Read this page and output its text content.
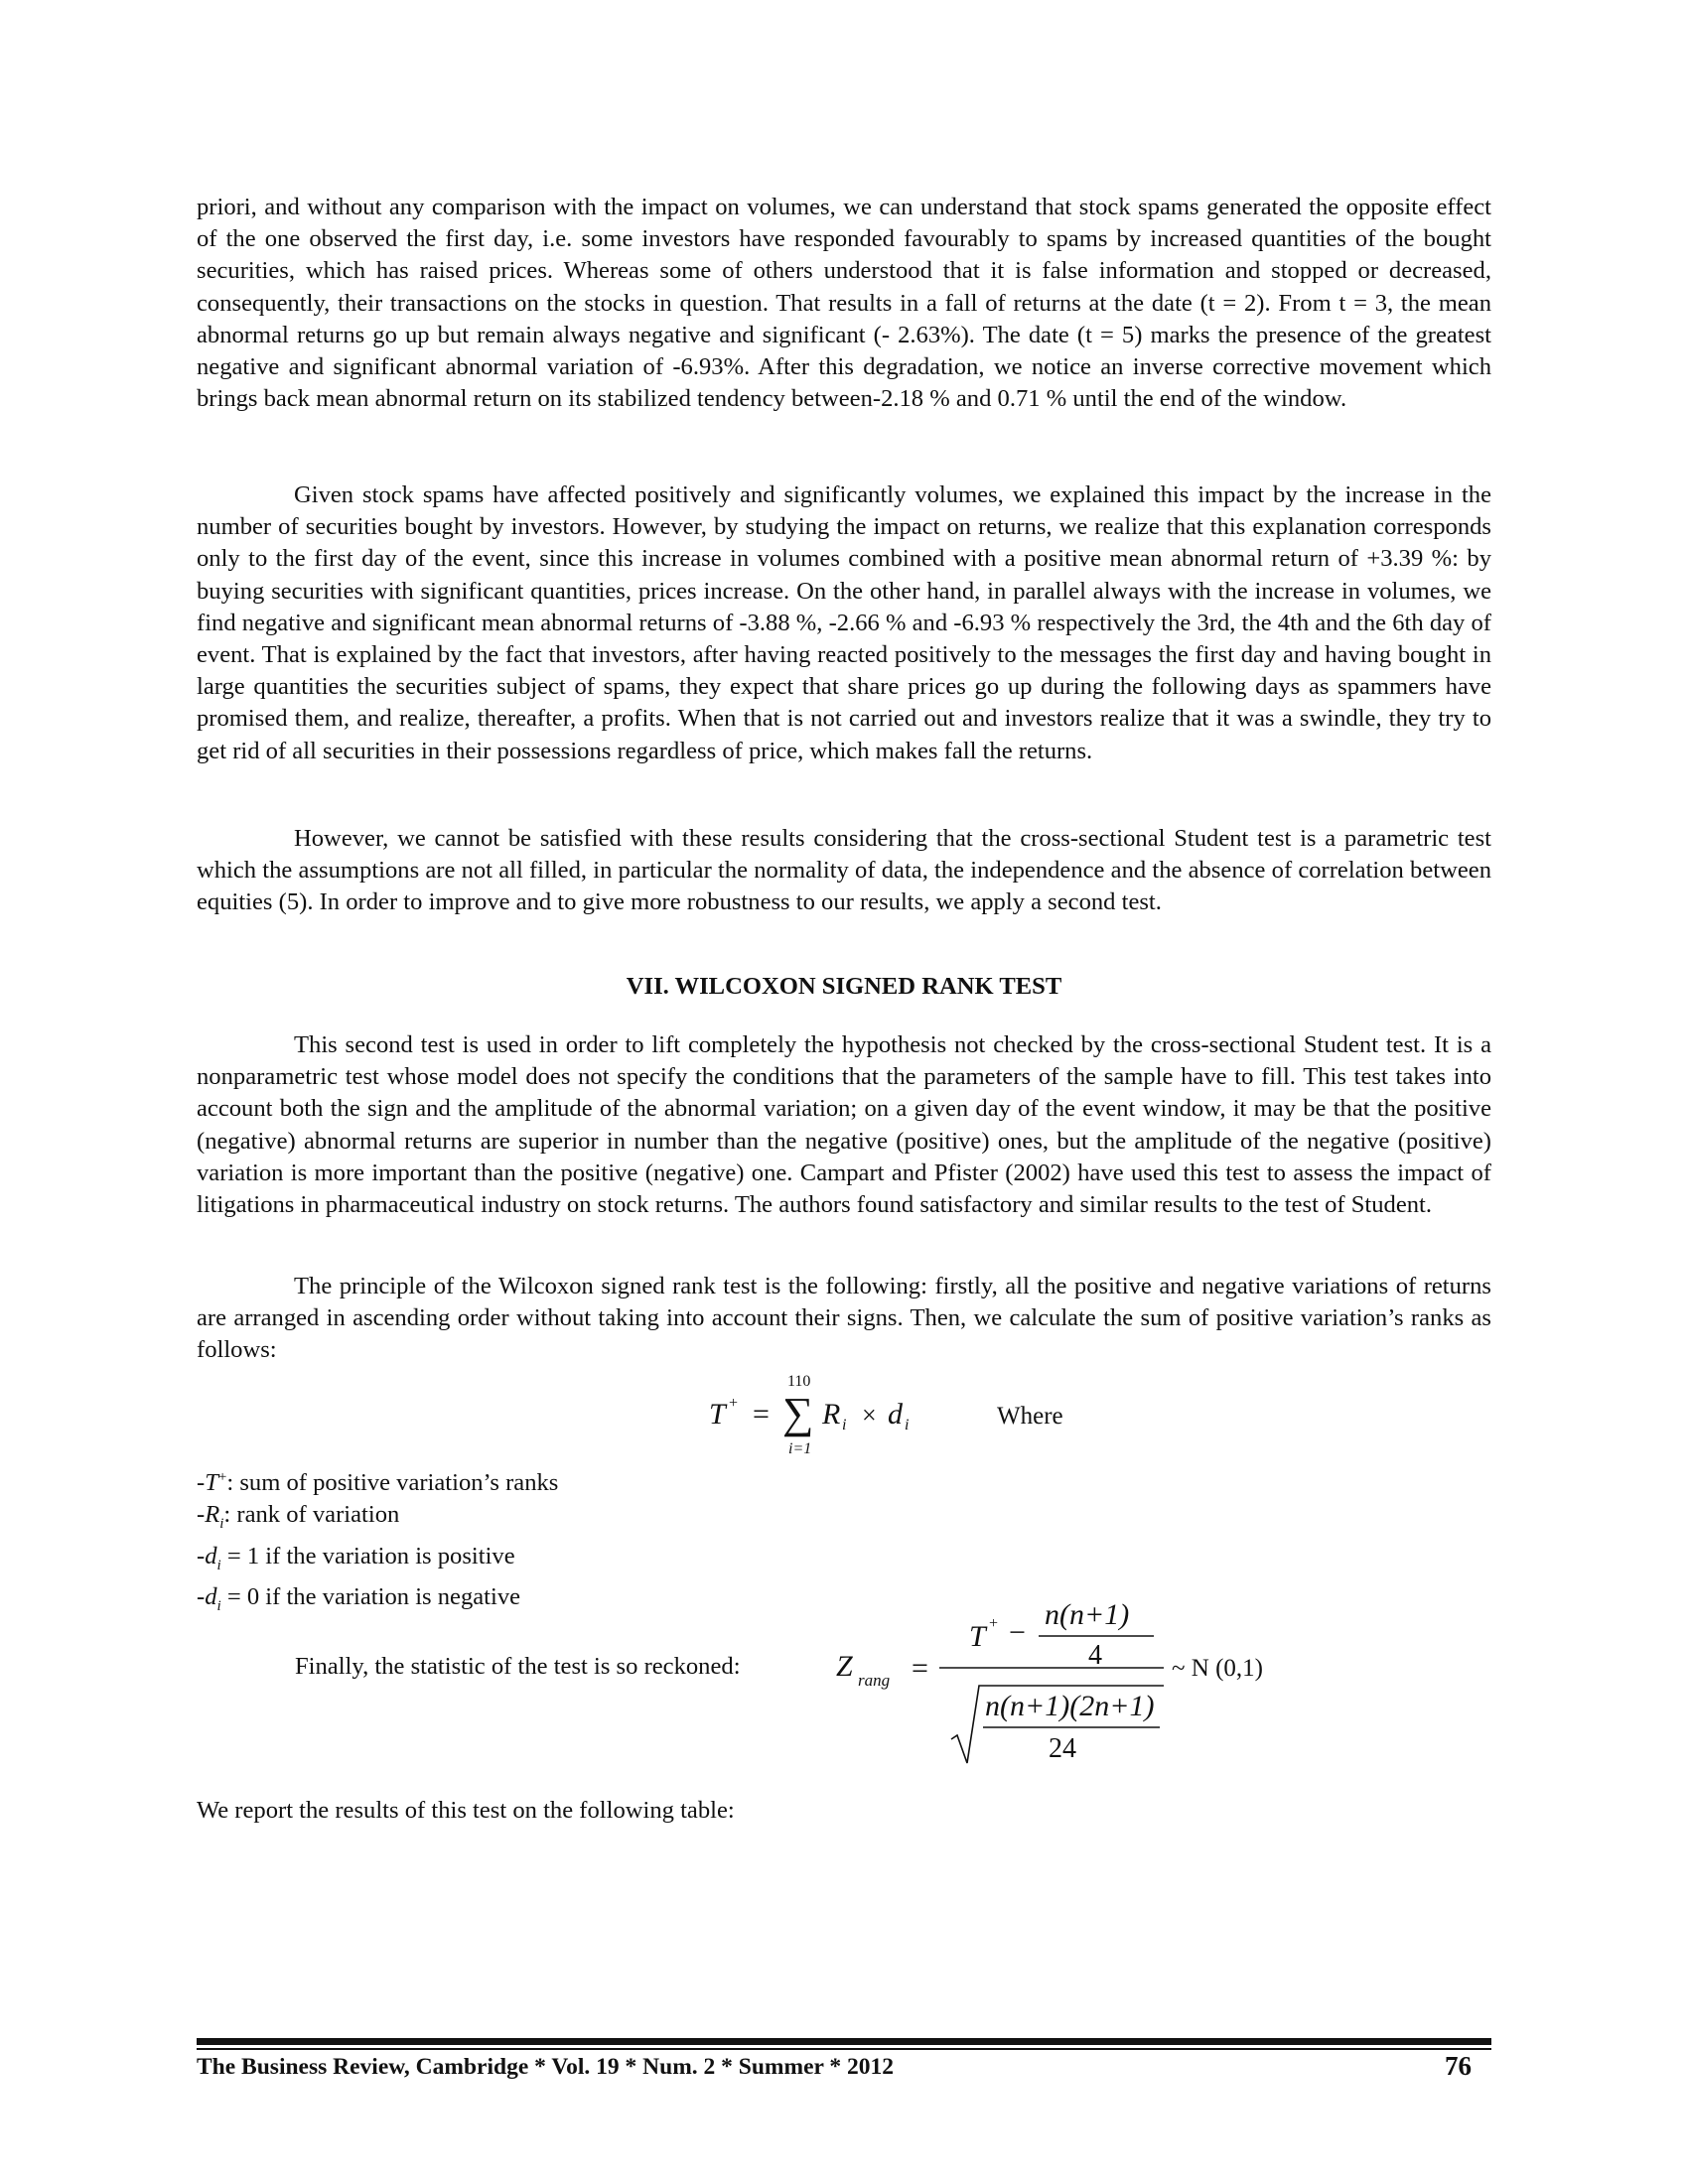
priori, and without any comparison with the impact on volumes, we can understand that stock spams generated the opposite effect of the one observed the first day, i.e. some investors have responded favourably to spams by increased quantities of the bought securities, which has raised prices. Whereas some of others understood that it is false information and stopped or decreased, consequently, their transactions on the stocks in question. That results in a fall of returns at the date (t = 2). From t = 3, the mean abnormal returns go up but remain always negative and significant (- 2.63%). The date (t = 5) marks the presence of the greatest negative and significant abnormal variation of -6.93%. After this degradation, we notice an inverse corrective movement which brings back mean abnormal return on its stabilized tendency between-2.18 % and 0.71 % until the end of the window.

Given stock spams have affected positively and significantly volumes, we explained this impact by the increase in the number of securities bought by investors. However, by studying the impact on returns, we realize that this explanation corresponds only to the first day of the event, since this increase in volumes combined with a positive mean abnormal return of +3.39 %: by buying securities with significant quantities, prices increase. On the other hand, in parallel always with the increase in volumes, we find negative and significant mean abnormal returns of -3.88 %, -2.66 % and -6.93 % respectively the 3rd, the 4th and the 6th day of event. That is explained by the fact that investors, after having reacted positively to the messages the first day and having bought in large quantities the securities subject of spams, they expect that share prices go up during the following days as spammers have promised them, and realize, thereafter, a profits. When that is not carried out and investors realize that it was a swindle, they try to get rid of all securities in their possessions regardless of price, which makes fall the returns.

However, we cannot be satisfied with these results considering that the cross-sectional Student test is a parametric test which the assumptions are not all filled, in particular the normality of data, the independence and the absence of correlation between equities (5). In order to improve and to give more robustness to our results, we apply a second test.

VII. WILCOXON SIGNED RANK TEST

This second test is used in order to lift completely the hypothesis not checked by the cross-sectional Student test. It is a nonparametric test whose model does not specify the conditions that the parameters of the sample have to fill. This test takes into account both the sign and the amplitude of the abnormal variation; on a given day of the event window, it may be that the positive (negative) abnormal returns are superior in number than the negative (positive) ones, but the amplitude of the negative (positive) variation is more important than the positive (negative) one. Campart and Pfister (2002) have used this test to assess the impact of litigations in pharmaceutical industry on stock returns. The authors found satisfactory and similar results to the test of Student.

The principle of the Wilcoxon signed rank test is the following: firstly, all the positive and negative variations of returns are arranged in ascending order without taking into account their signs. Then, we calculate the sum of positive variation’s ranks as follows:

T + =
110
∑
i=1
R i × d i	Where
-T+: sum of positive variation’s ranks
$-R_i$: rank of variation
$-d_i = 1$ if the variation is positive
$-d_i = 0$ if the variation is negative
Finally, the statistic of the test is so reckoned:	Z rang =
T + −
n(n+1)
4
n(n+1)(2n+1)
24
~ N (0,1)
We report the results of this test on the following table:
The Business Review, Cambridge * Vol. 19 * Num. 2 * Summer * 2012	76
